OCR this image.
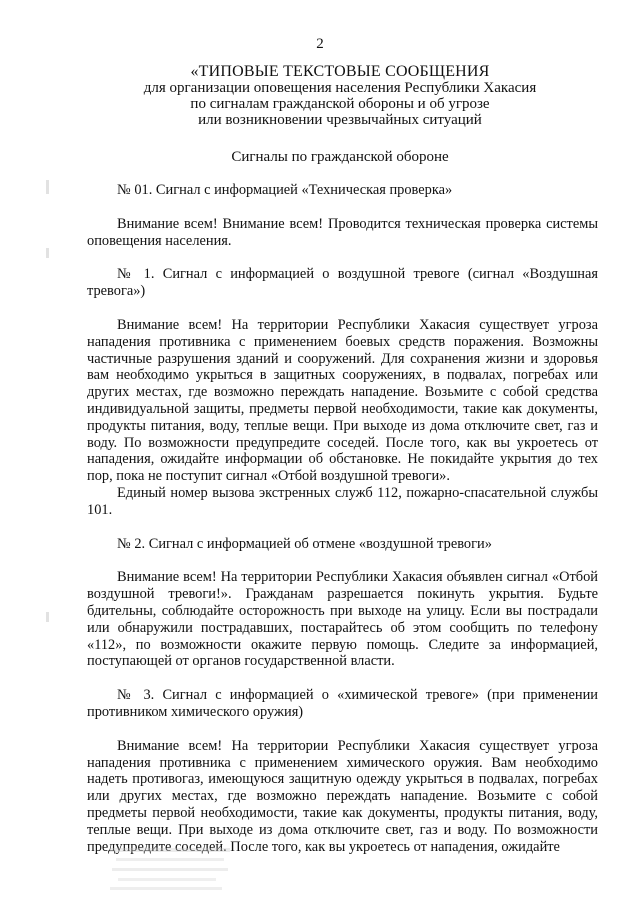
2
«ТИПОВЫЕ ТЕКСТОВЫЕ СООБЩЕНИЯ
для организации оповещения населения Республики Хакасия
по сигналам гражданской обороны и об угрозе
или возникновении чрезвычайных ситуаций
Сигналы по гражданской обороне

№ 01. Сигнал с информацией «Техническая проверка»

Внимание всем! Внимание всем! Проводится техническая проверка системы оповещения населения.

№ 1. Сигнал с информацией о воздушной тревоге (сигнал «Воздушная тревога»)

Внимание всем! На территории Республики Хакасия существует угроза нападения противника с применением боевых средств поражения. Возможны частичные разрушения зданий и сооружений. Для сохранения жизни и здоровья вам необходимо укрыться в защитных сооружениях, в подвалах, погребах или других местах, где возможно переждать нападение. Возьмите с собой средства индивидуальной защиты, предметы первой необходимости, такие как документы, продукты питания, воду, теплые вещи. При выходе из дома отключите свет, газ и воду. По возможности предупредите соседей. После того, как вы укроетесь от нападения, ожидайте информации об обстановке. Не покидайте укрытия до тех пор, пока не поступит сигнал «Отбой воздушной тревоги».

Единый номер вызова экстренных служб 112, пожарно-спасательной службы 101.

№ 2. Сигнал с информацией об отмене «воздушной тревоги»

Внимание всем! На территории Республики Хакасия объявлен сигнал «Отбой воздушной тревоги!». Гражданам разрешается покинуть укрытия. Будьте бдительны, соблюдайте осторожность при выходе на улицу. Если вы пострадали или обнаружили пострадавших, постарайтесь об этом сообщить по телефону «112», по возможности окажите первую помощь. Следите за информацией, поступающей от органов государственной власти.

№ 3. Сигнал с информацией о «химической тревоге» (при применении противником химического оружия)

Внимание всем! На территории Республики Хакасия существует угроза нападения противника с применением химического оружия. Вам необходимо надеть противогаз, имеющуюся защитную одежду укрыться в подвалах, погребах или других местах, где возможно переждать нападение. Возьмите с собой предметы первой необходимости, такие как документы, продукты питания, воду, теплые вещи. При выходе из дома отключите свет, газ и воду. По возможности предупредите соседей. После того, как вы укроетесь от нападения, ожидайте
